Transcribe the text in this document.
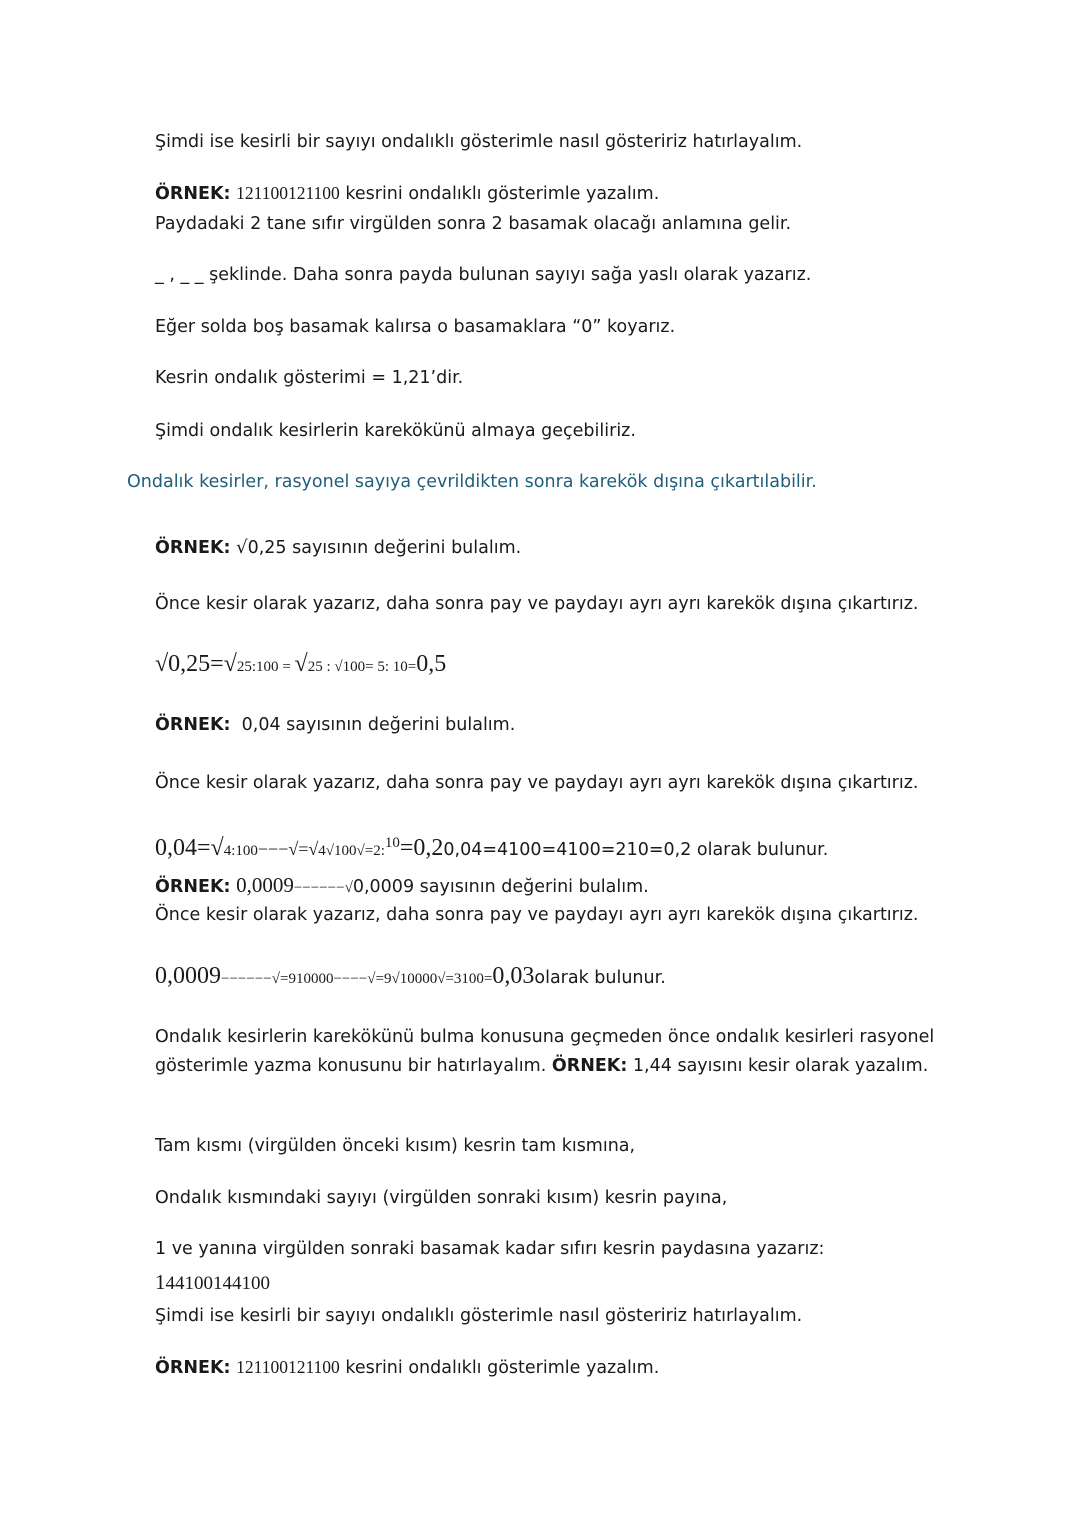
Şimdi ise kesirli bir sayıyı ondalıklı gösterimle nasıl gösteririz hatırlayalım.
ÖRNEK: 121100121100 kesrini ondalıklı gösterimle yazalım.
Paydadaki 2 tane sıfır virgülden sonra 2 basamak olacağı anlamına gelir.
_ , _ _ şeklinde. Daha sonra payda bulunan sayıyı sağa yaslı olarak yazarız.
Eğer solda boş basamak kalırsa o basamaklara “0” koyarız.
Kesrin ondalık gösterimi = 1,21’dir.
Şimdi ondalık kesirlerin karekökünü almaya geçebiliriz.
Ondalık kesirler, rasyonel sayıya çevrildikten sonra karekök dışına çıkartılabilir.
ÖRNEK: √0,25 sayısının değerini bulalım.
Önce kesir olarak yazarız, daha sonra pay ve paydayı ayrı ayrı karekök dışına çıkartırız.
√0,25=√25:100 = √25 : √100= 5: 10=0,5
ÖRNEK: 0,04 sayısının değerini bulalım.
Önce kesir olarak yazarız, daha sonra pay ve paydayı ayrı ayrı karekök dışına çıkartırız.
0,04=√4:100−−−√=√4√100√=2:10=0,20,04=4100=4100=210=0,2 olarak bulunur.
ÖRNEK: 0,0009−−−−−−√0,0009 sayısının değerini bulalım.
Önce kesir olarak yazarız, daha sonra pay ve paydayı ayrı ayrı karekök dışına çıkartırız.
0,0009−−−−−−√=910000−−−−√=9√10000√=3100=0,03olarak bulunur.
Ondalık kesirlerin karekökünü bulma konusuna geçmeden önce ondalık kesirleri rasyonel gösterimle yazma konusunu bir hatırlayalım. ÖRNEK: 1,44 sayısını kesir olarak yazalım.
Tam kısmı (virgülden önceki kısım) kesrin tam kısmına,
Ondalık kısmındaki sayıyı (virgülden sonraki kısım) kesrin payına,
1 ve yanına virgülden sonraki basamak kadar sıfırı kesrin paydasına yazarız:
144100144100
Şimdi ise kesirli bir sayıyı ondalıklı gösterimle nasıl gösteririz hatırlayalım.
ÖRNEK: 121100121100 kesrini ondalıklı gösterimle yazalım.
